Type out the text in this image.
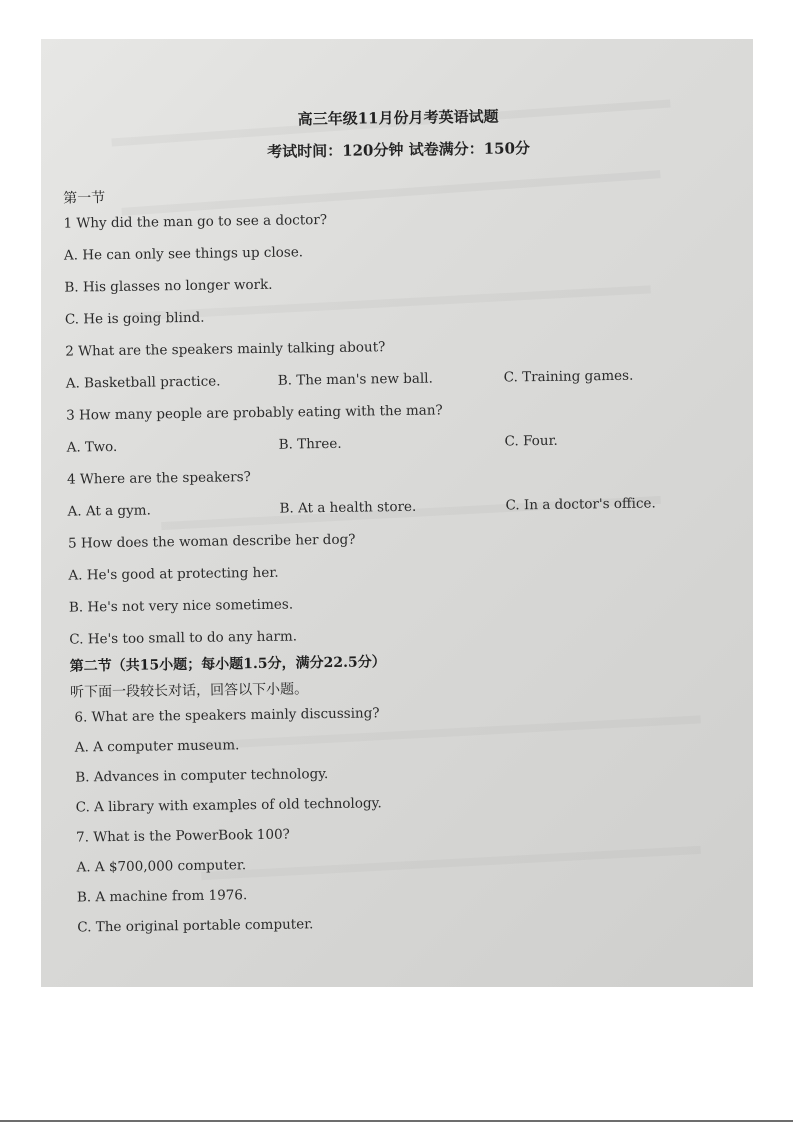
高三年级11月份月考英语试题
考试时间：120分钟 试卷满分：150分
第一节
1 Why did the man go to see a doctor?
A. He can only see things up close.
B. His glasses no longer work.
C. He is going blind.
2 What are the speakers mainly talking about?
A. Basketball practice.	B. The man's new ball.	C. Training games.
3 How many people are probably eating with the man?
A. Two.	B. Three.	C. Four.
4 Where are the speakers?
A. At a gym.	B. At a health store.	C. In a doctor's office.
5 How does the woman describe her dog?
A. He's good at protecting her.
B. He's not very nice sometimes.
C. He's too small to do any harm.
第二节（共15小题；每小题1.5分，满分22.5分）
听下面一段较长对话，回答以下小题。
6. What are the speakers mainly discussing?
A. A computer museum.
B. Advances in computer technology.
C. A library with examples of old technology.
7. What is the PowerBook 100?
A. A $700,000 computer.
B. A machine from 1976.
C. The original portable computer.
